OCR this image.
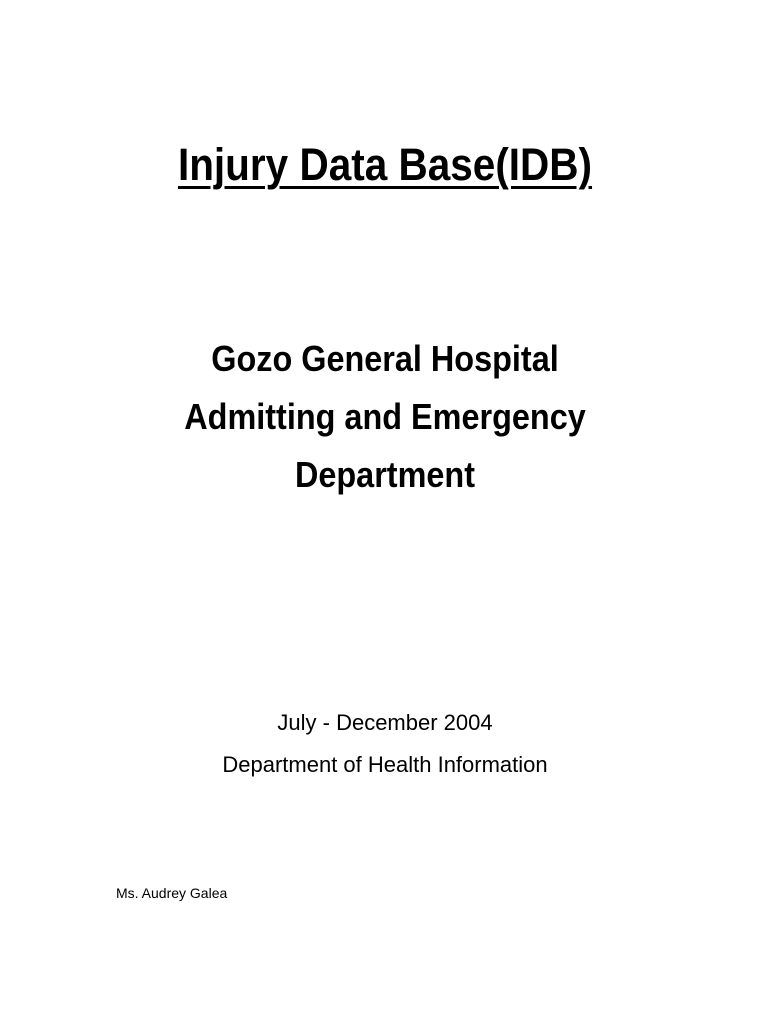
Injury Data Base(IDB)
Gozo General Hospital
Admitting and Emergency
Department
July - December 2004
Department of Health Information
Ms. Audrey Galea
